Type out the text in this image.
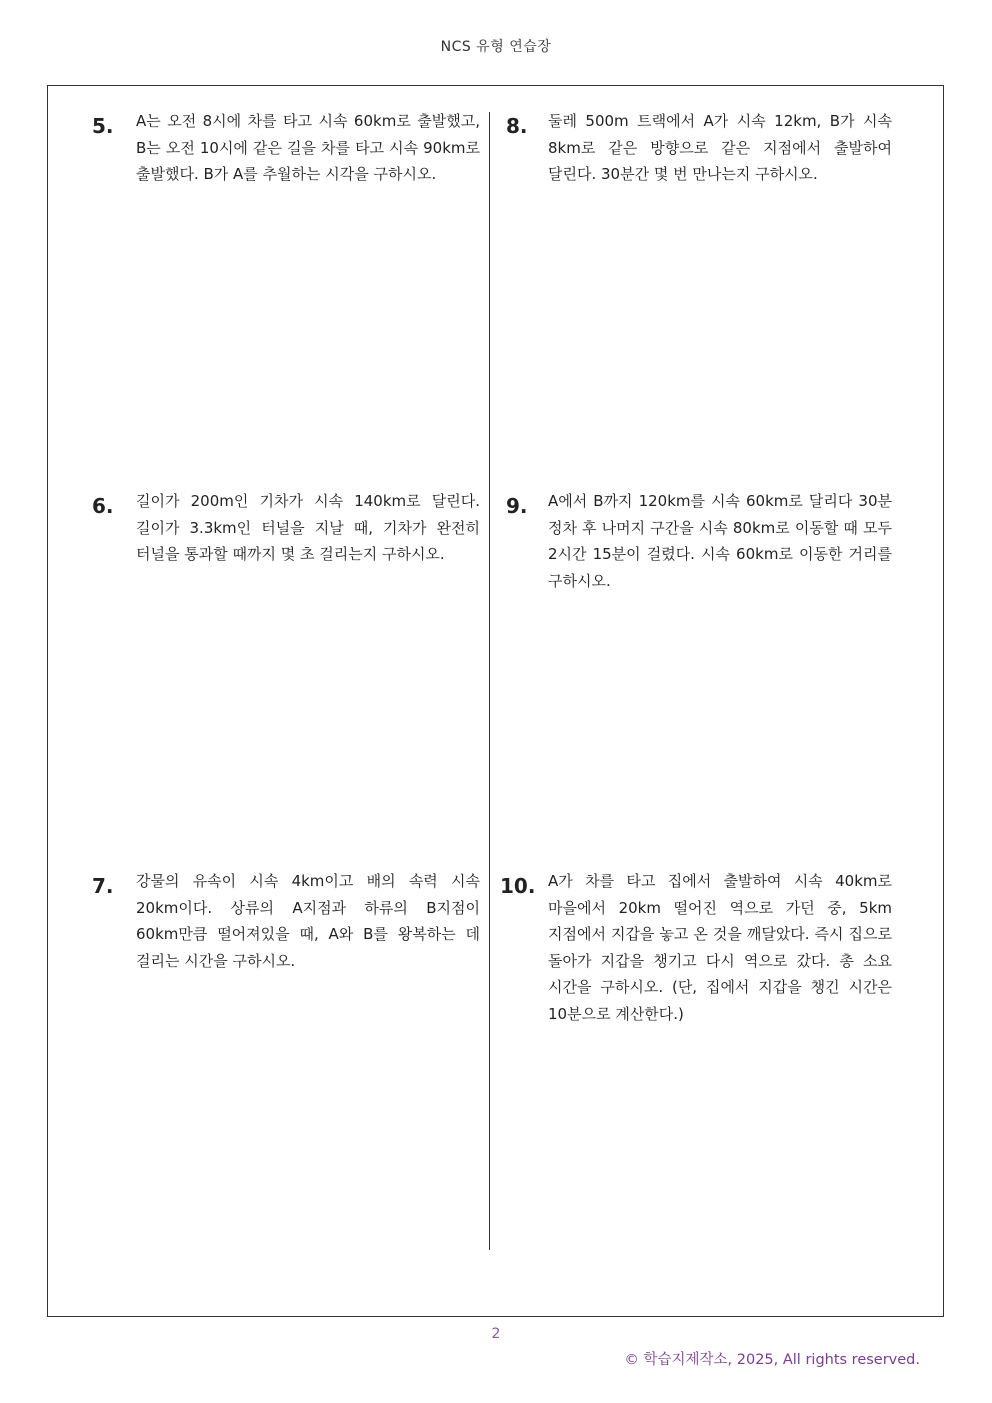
NCS 유형 연습장
5. A는 오전 8시에 차를 타고 시속 60km로 출발했고, B는 오전 10시에 같은 길을 차를 타고 시속 90km로 출발했다. B가 A를 추월하는 시각을 구하시오.
6. 길이가 200m인 기차가 시속 140km로 달린다. 길이가 3.3km인 터널을 지날 때, 기차가 완전히 터널을 통과할 때까지 몇 초 걸리는지 구하시오.
7. 강물의 유속이 시속 4km이고 배의 속력 시속 20km이다. 상류의 A지점과 하류의 B지점이 60km만큼 떨어져있을 때, A와 B를 왕복하는 데 걸리는 시간을 구하시오.
8. 둘레 500m 트랙에서 A가 시속 12km, B가 시속 8km로 같은 방향으로 같은 지점에서 출발하여 달린다. 30분간 몇 번 만나는지 구하시오.
9. A에서 B까지 120km를 시속 60km로 달리다 30분 정차 후 나머지 구간을 시속 80km로 이동할 때 모두 2시간 15분이 걸렸다. 시속 60km로 이동한 거리를 구하시오.
10. A가 차를 타고 집에서 출발하여 시속 40km로 마을에서 20km 떨어진 역으로 가던 중, 5km 지점에서 지갑을 놓고 온 것을 깨달았다. 즉시 집으로 돌아가 지갑을 챙기고 다시 역으로 갔다. 총 소요 시간을 구하시오. (단, 집에서 지갑을 챙긴 시간은 10분으로 계산한다.)
2
© 학습지제작소, 2025, All rights reserved.
